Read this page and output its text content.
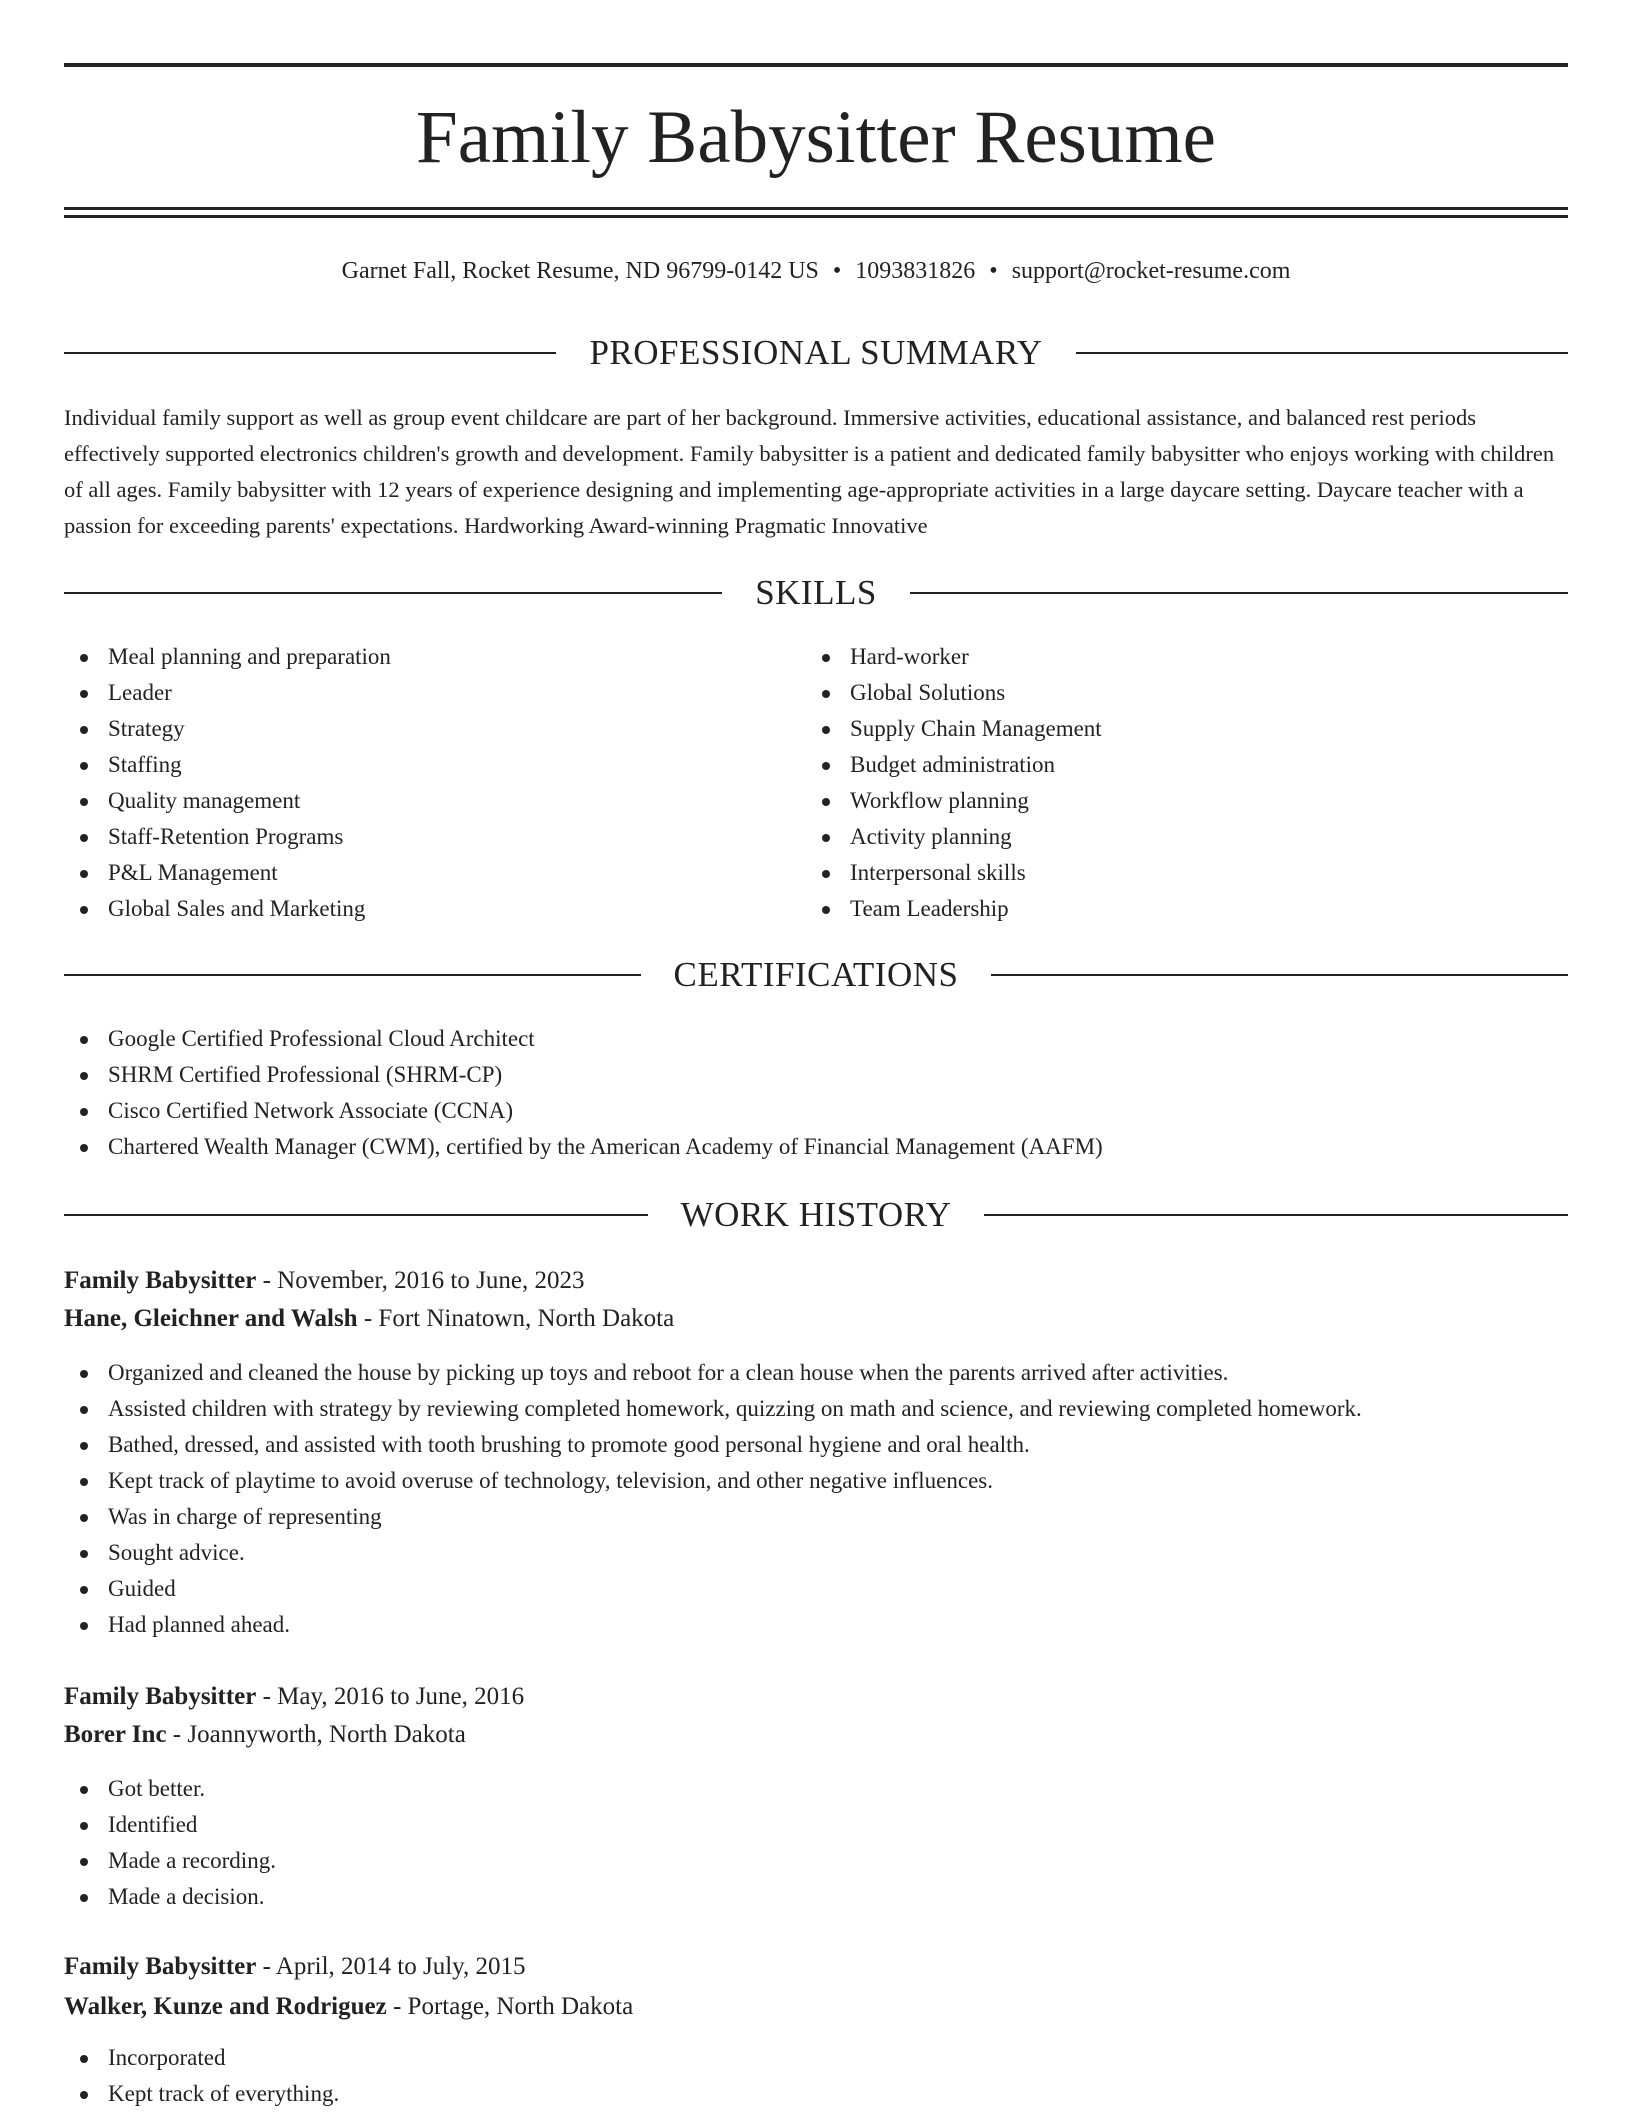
Family Babysitter Resume
Garnet Fall, Rocket Resume, ND 96799-0142 US • 1093831826 • support@rocket-resume.com
PROFESSIONAL SUMMARY

Individual family support as well as group event childcare are part of her background. Immersive activities, educational assistance, and balanced rest periods effectively supported electronics children's growth and development. Family babysitter is a patient and dedicated family babysitter who enjoys working with children of all ages. Family babysitter with 12 years of experience designing and implementing age-appropriate activities in a large daycare setting. Daycare teacher with a passion for exceeding parents' expectations. Hardworking Award-winning Pragmatic Innovative

SKILLS
Meal planning and preparation
Leader
Strategy
Staffing
Quality management
Staff-Retention Programs
P&L Management
Global Sales and Marketing
Hard-worker
Global Solutions
Supply Chain Management
Budget administration
Workflow planning
Activity planning
Interpersonal skills
Team Leadership
CERTIFICATIONS
Google Certified Professional Cloud Architect
SHRM Certified Professional (SHRM-CP)
Cisco Certified Network Associate (CCNA)
Chartered Wealth Manager (CWM), certified by the American Academy of Financial Management (AAFM)
WORK HISTORY
Family Babysitter - November, 2016 to June, 2023
Hane, Gleichner and Walsh - Fort Ninatown, North Dakota
Organized and cleaned the house by picking up toys and reboot for a clean house when the parents arrived after activities.
Assisted children with strategy by reviewing completed homework, quizzing on math and science, and reviewing completed homework.
Bathed, dressed, and assisted with tooth brushing to promote good personal hygiene and oral health.
Kept track of playtime to avoid overuse of technology, television, and other negative influences.
Was in charge of representing
Sought advice.
Guided
Had planned ahead.
Family Babysitter - May, 2016 to June, 2016
Borer Inc - Joannyworth, North Dakota
Got better.
Identified
Made a recording.
Made a decision.
Family Babysitter - April, 2014 to July, 2015
Walker, Kunze and Rodriguez - Portage, North Dakota
Incorporated
Kept track of everything.
